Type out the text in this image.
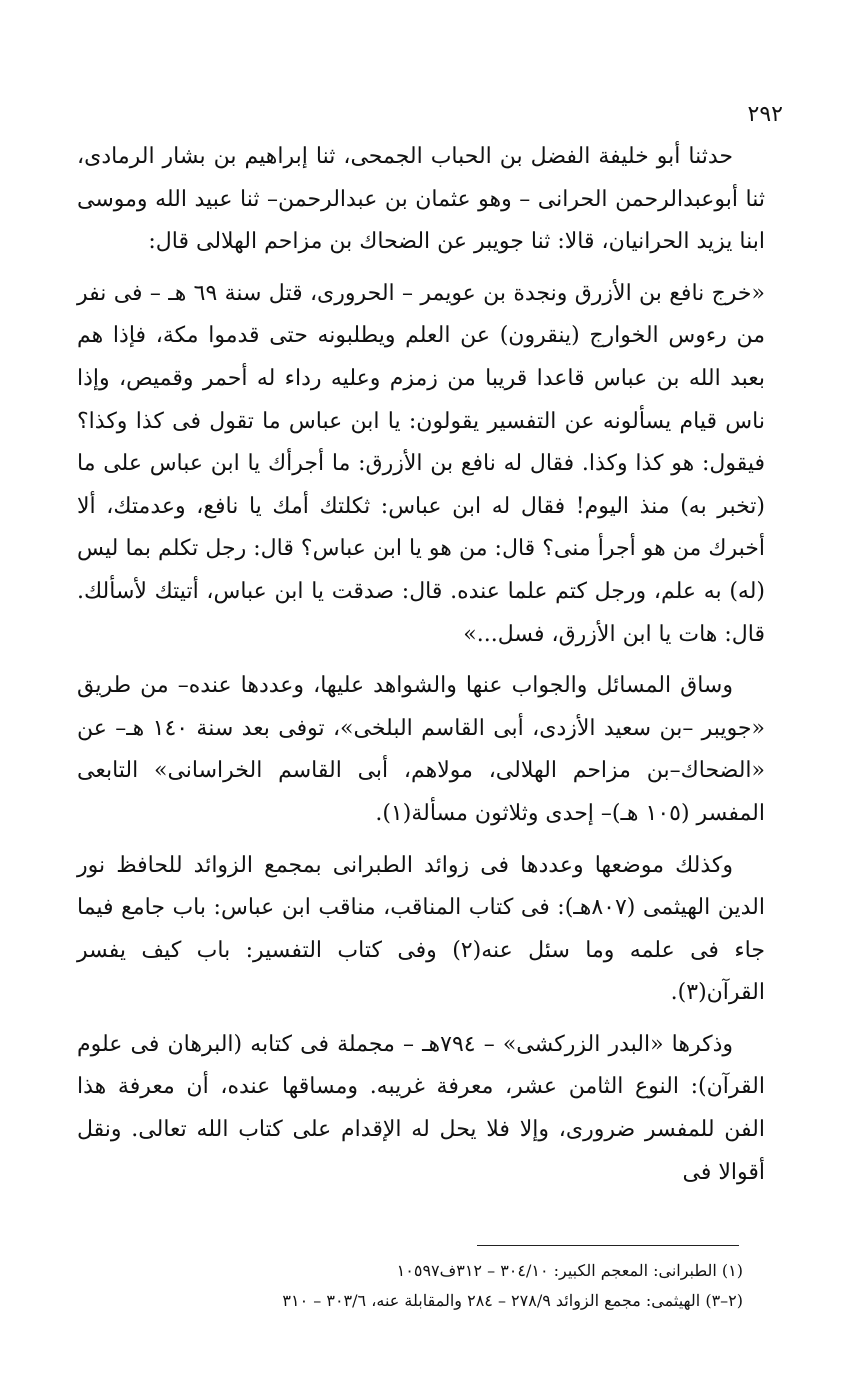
٢٩٢

حدثنا أبو خليفة الفضل بن الحباب الجمحى، ثنا إبراهيم بن بشار الرمادى، ثنا أبوعبدالرحمن الحرانى – وهو عثمان بن عبدالرحمن– ثنا عبيد الله وموسى ابنا يزيد الحرانيان، قالا: ثنا جويبر عن الضحاك بن مزاحم الهلالى قال:

«خرج نافع بن الأزرق ونجدة بن عويمر – الحرورى، قتل سنة ٦٩ هـ – فى نفر من رءوس الخوارج (ينقرون) عن العلم ويطلبونه حتى قدموا مكة، فإذا هم بعبد الله بن عباس قاعدا قريبا من زمزم وعليه رداء له أحمر وقميص، وإذا ناس قيام يسألونه عن التفسير يقولون: يا ابن عباس ما تقول فى كذا وكذا؟ فيقول: هو كذا وكذا. فقال له نافع بن الأزرق: ما أجرأك يا ابن عباس على ما (تخبر به) منذ اليوم! فقال له ابن عباس: ثكلتك أمك يا نافع، وعدمتك، ألا أخبرك من هو أجرأ منى؟ قال: من هو يا ابن عباس؟ قال: رجل تكلم بما ليس (له) به علم، ورجل كتم علما عنده. قال: صدقت يا ابن عباس، أتيتك لأسألك. قال: هات يا ابن الأزرق، فسل...»

وساق المسائل والجواب عنها والشواهد عليها، وعددها عنده– من طريق «جويبر –بن سعيد الأزدى، أبى القاسم البلخى»، توفى بعد سنة ١٤٠ هـ– عن «الضحاك–بن مزاحم الهلالى، مولاهم، أبى القاسم الخراسانى» التابعى المفسر (١٠٥ هـ)– إحدى وثلاثون مسألة(١).

وكذلك موضعها وعددها فى زوائد الطبرانى بمجمع الزوائد للحافظ نور الدين الهيثمى (٨٠٧هـ): فى كتاب المناقب، مناقب ابن عباس: باب جامع فيما جاء فى علمه وما سئل عنه(٢) وفى كتاب التفسير: باب كيف يفسر القرآن(٣).

وذكرها «البدر الزركشى» – ٧٩٤هـ – مجملة فى كتابه (البرهان فى علوم القرآن): النوع الثامن عشر، معرفة غريبه. ومساقها عنده، أن معرفة هذا الفن للمفسر ضرورى، وإلا فلا يحل له الإقدام على كتاب الله تعالى. ونقل أقوالا فى

(١) الطبرانى: المعجم الكبير: ٣٠٤/١٠ – ٣١٢ف١٠٥٩٧

(٢–٣) الهيثمى: مجمع الزوائد ٢٧٨/٩ – ٢٨٤ والمقابلة عنه، ٣٠٣/٦ – ٣١٠
